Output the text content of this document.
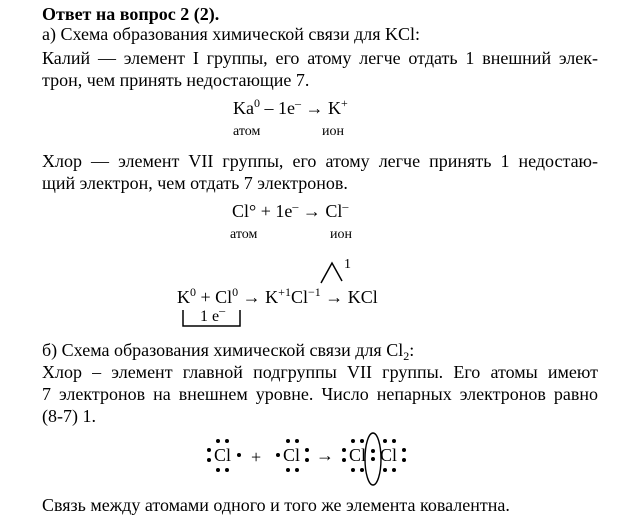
Ответ на вопрос 2 (2).
а) Схема образования химической связи для KCl:
Калий — элемент I группы, его атому легче отдать 1 внешний элек-
трон, чем принять недостающие 7.
Ka$^0$ – 1e– → K+
атом	ион
Хлор — элемент VII группы, его атому легче принять 1 недостаю-
щий электрон, чем отдать 7 электронов.
Cl° + 1e– → Cl–
атом	ион
1
$K^0 + Cl^0 \to K^{+1}Cl^{-1}$ → KCl
1 e–
б) Схема образования химической связи для $Cl_2$:
Хлор – элемент главной подгруппы VII группы. Его атомы имеют
7 электронов на внешнем уровне. Число непарных электронов равно
(8-7) 1.
Cl + Cl → Cl Cl
Связь между атомами одного и того же элемента ковалентна.
